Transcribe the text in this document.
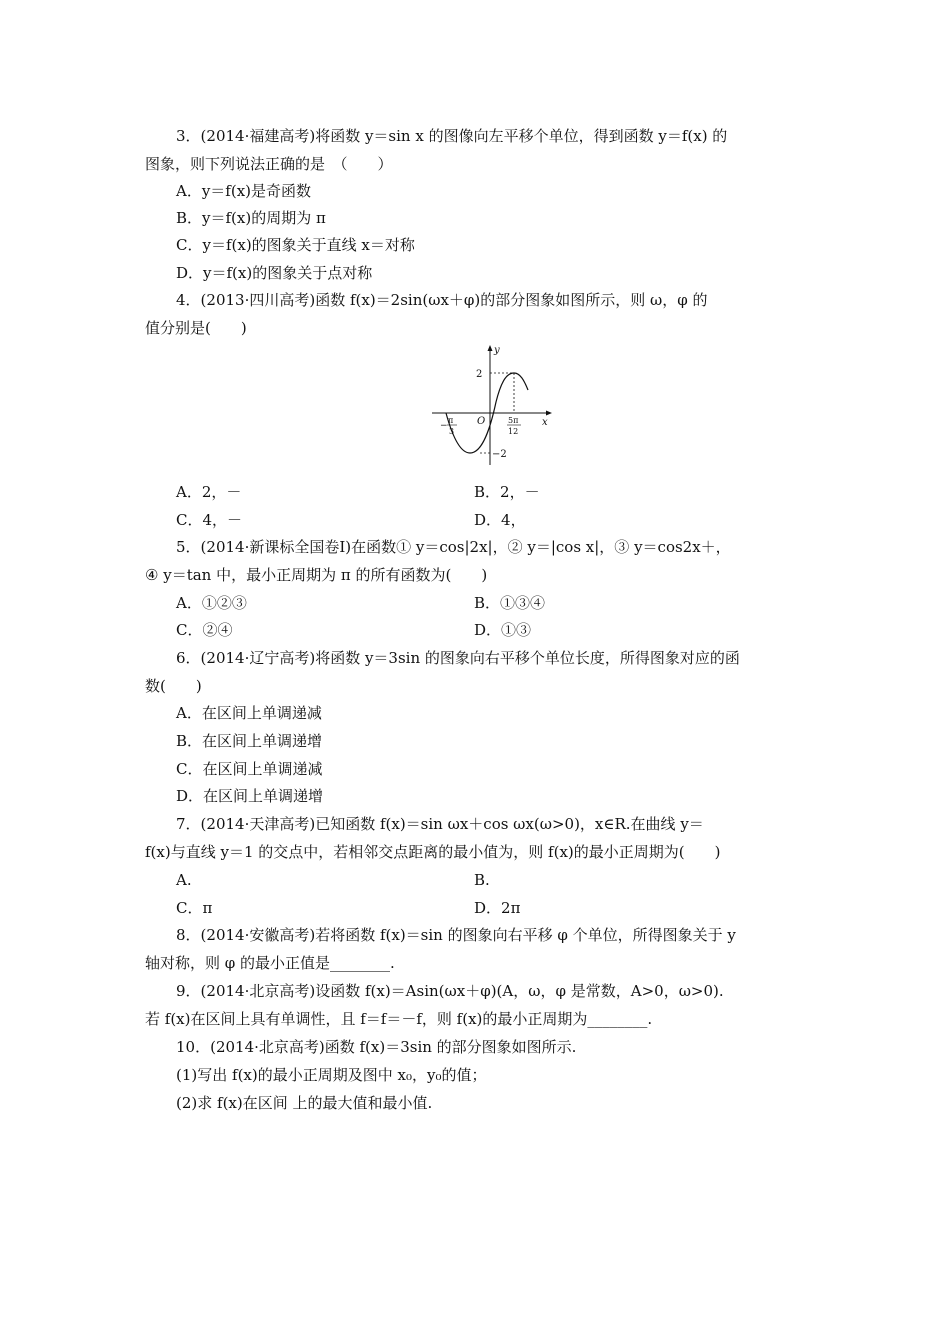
3．(2014·福建高考)将函数 y＝sin x 的图像向左平移个单位，得到函数 y＝f(x) 的
图象，则下列说法正确的是　（　　）
A．y＝f(x)是奇函数
B．y＝f(x)的周期为 π
C．y＝f(x)的图象关于直线 x＝对称
D．y＝f(x)的图象关于点对称
4．(2013·四川高考)函数 f(x)＝2sin(ωx＋φ)的部分图象如图所示，则 ω，φ 的
值分别是(　　)
y
x
O
2
−2
−
π
3
5π
12
A．2，－	B．2，－
C．4，－	D．4，
5．(2014·新课标全国卷Ⅰ)在函数① y＝cos|2x|，② y＝|cos x|，③ y＝cos2x＋，
④ y＝tan 中，最小正周期为 π 的所有函数为(　　)
A．①②③	B．①③④
C．②④	D．①③
6．(2014·辽宁高考)将函数 y＝3sin 的图象向右平移个单位长度，所得图象对应的函
数(　　)
A．在区间上单调递减
B．在区间上单调递增
C．在区间上单调递减
D．在区间上单调递增
7．(2014·天津高考)已知函数 f(x)＝sin ωx＋cos ωx(ω>0)，x∈R.在曲线 y＝
f(x)与直线 y＝1 的交点中，若相邻交点距离的最小值为，则 f(x)的最小正周期为(　　)
A.	B.
C．π	D．2π
8．(2014·安徽高考)若将函数 f(x)＝sin 的图象向右平移 φ 个单位，所得图象关于 y
轴对称，则 φ 的最小正值是________.
9．(2014·北京高考)设函数 f(x)＝Asin(ωx＋φ)(A，ω，φ 是常数，A>0，ω>0).
若 f(x)在区间上具有单调性，且 f＝f＝－f，则 f(x)的最小正周期为________.
10．(2014·北京高考)函数 f(x)＝3sin 的部分图象如图所示.
(1)写出 f(x)的最小正周期及图中 x₀，y₀的值；
(2)求 f(x)在区间 上的最大值和最小值.
